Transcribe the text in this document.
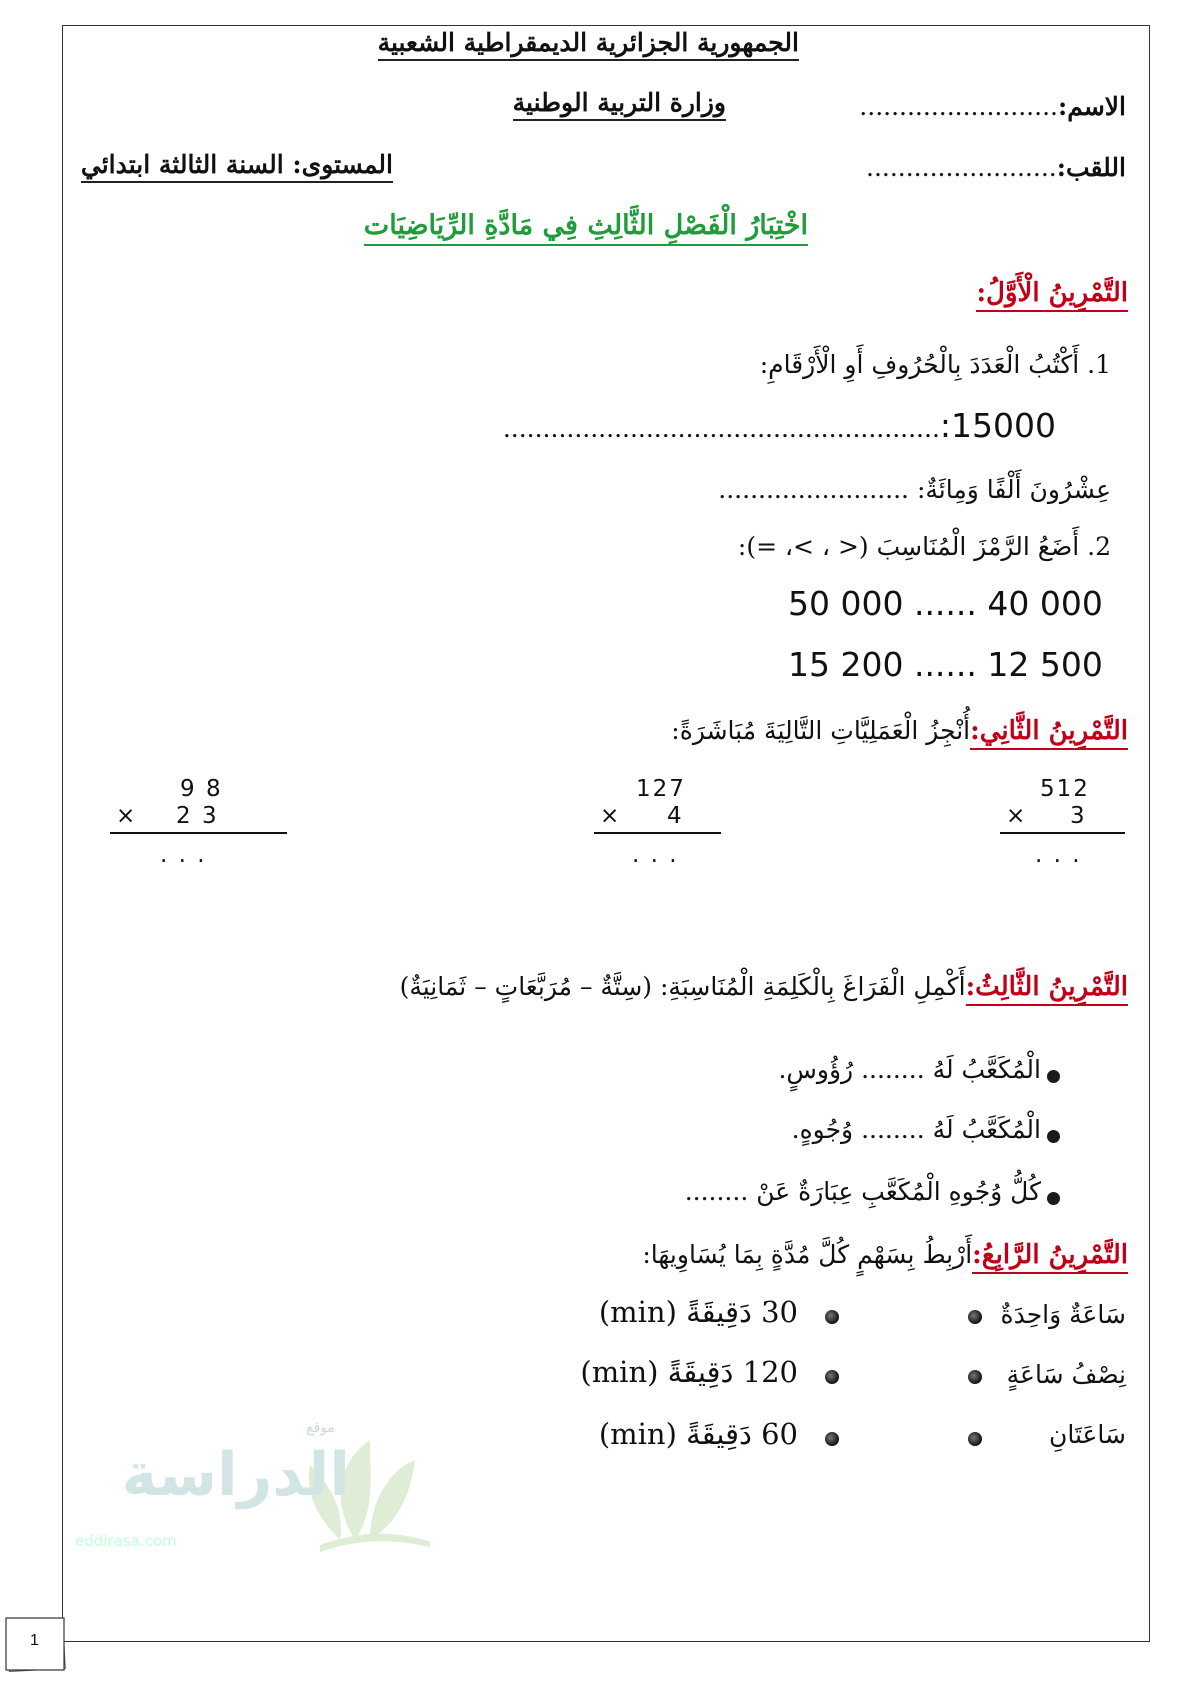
الجمهورية الجزائرية الديمقراطية الشعبية
وزارة التربية الوطنية
المستوى: السنة الثالثة ابتدائي
الاسم:.........................
اللقب:........................
اخْتِبَارُ الْفَصْلِ الثَّالِثِ فِي مَادَّةِ الرِّيَاضِيَات
التَّمْرِينُ الْأَوَّلُ:
1. أَكْتُبُ الْعَدَدَ بِالْحُرُوفِ أَوِ الْأَرْقَامِ:
15000:.......................................................
عِشْرُونَ أَلْفًا وَمِائَةٌ: ........................
2. أَضَعُ الرَّمْزَ الْمُنَاسِبَ (< ، >، =):
50 000 ...... 40 000
15 200 ...... 12 500
التَّمْرِينُ الثَّانِي:أُنْجِزُ الْعَمَلِيَّاتِ التَّالِيَةَ مُبَاشَرَةً:
512
× 3
. . .
127
× 4
. . .
9 8
× 2 3
. . .
التَّمْرِينُ الثَّالِثُ:أَكْمِلِ الْفَرَاغَ بِالْكَلِمَةِ الْمُنَاسِبَةِ: (سِتَّةٌ – مُرَبَّعَاتٍ – ثَمَانِيَةٌ)
الْمُكَعَّبُ لَهُ ........ رُؤُوسٍ.
الْمُكَعَّبُ لَهُ ........ وُجُوهٍ.
كُلُّ وُجُوهِ الْمُكَعَّبِ عِبَارَةٌ عَنْ ........
التَّمْرِينُ الرَّابِعُ:أَرْبِطُ بِسَهْمٍ كُلَّ مُدَّةٍ بِمَا يُسَاوِيهَا:
سَاعَةٌ وَاحِدَةٌ
نِصْفُ سَاعَةٍ
سَاعَتَانِ
30 دَقِيقَةً (min)
120 دَقِيقَةً (min)
60 دَقِيقَةً (min)
الدراسة
موقع
eddirasa.com
1
